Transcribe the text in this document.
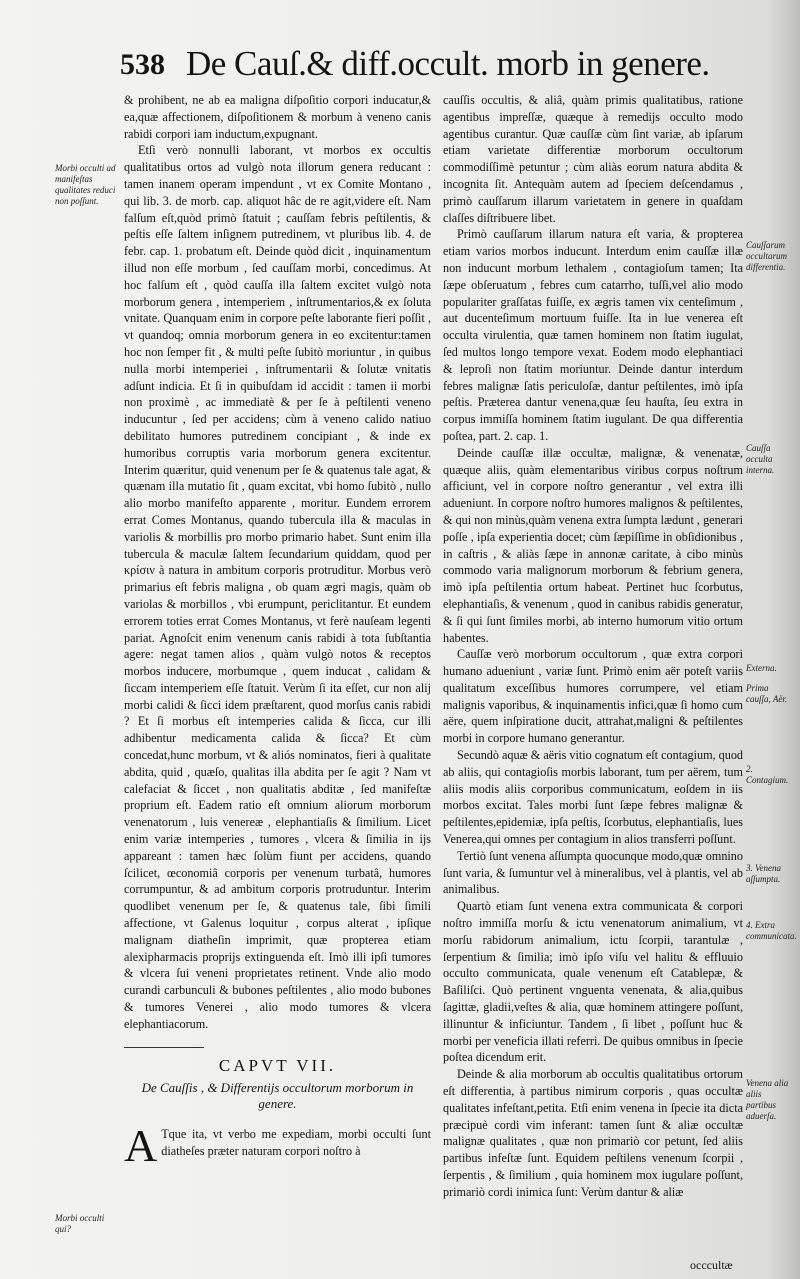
538 De Cauſ.& diff.occult. morb in genere.

& prohibent, ne ab ea maligna diſpoſitio corpori inducatur,& ea,quæ affectionem, diſpoſitionem & morbum à veneno canis rabidi corpori iam inductum,expugnant.

Etſi verò nonnulli laborant, vt morbos ex occultis qualitatibus ortos ad vulgò nota illorum genera reducant : tamen inanem operam impendunt , vt ex Comite Montano , qui lib. 3. de morb. cap. aliquot hâc de re agit,videre eſt. Nam falſum eſt,quòd primò ſtatuit ; cauſſam febris peſtilentis, & peſtis eſſe ſaltem inſignem putredinem, vt pluribus lib. 4. de febr. cap. 1. probatum eſt. Deinde quòd dicit , inquinamentum illud non eſſe morbum , ſed cauſſam morbi, concedimus. At hoc falſum eſt , quòd cauſſa illa ſaltem excitet vulgò nota morborum genera , intemperiem , inſtrumentarios,& ex ſoluta vnitate. Quanquam enim in corpore peſte laborante fieri poſſit , vt quandoq; omnia morborum genera in eo excitentur:tamen hoc non ſemper fit , & multi peſte ſubitò moriuntur , in quibus nulla morbi intemperiei , inſtrumentarii & ſolutæ vnitatis adſunt indicia. Et ſi in quibuſdam id accidit : tamen ii morbi non proximè , ac immediatè & per ſe à peſtilenti veneno inducuntur , ſed per accidens; cùm à veneno calido natiuo debilitato humores putredinem concipiant , & inde ex humoribus corruptis varia morborum genera excitentur. Interim quæritur, quid venenum per ſe & quatenus tale agat, & quænam illa mutatio ſit , quam excitat, vbi homo ſubitò , nullo alio morbo manifeſto apparente , moritur. Eundem errorem errat Comes Montanus, quando tubercula illa & maculas in variolis & morbillis pro morbo primario habet. Sunt enim illa tubercula & maculæ ſaltem ſecundarium quiddam, quod per κρίσιν à natura in ambitum corporis protruditur. Morbus verò primarius eſt febris maligna , ob quam ægri magis, quàm ob variolas & morbillos , vbi erumpunt, periclitantur. Et eundem errorem toties errat Comes Montanus, vt ferè nauſeam legenti pariat. Agnoſcit enim venenum canis rabidi à tota ſubſtantia agere: negat tamen alios , quàm vulgò notos & receptos morbos inducere, morbumque , quem inducat , calidam & ſiccam intemperiem eſſe ſtatuit. Verùm ſi ita eſſet, cur non alij morbi calidi & ſicci idem præſtarent, quod morſus canis rabidi ? Et ſi morbus eſt intemperies calida & ſicca, cur illi adhibentur medicamenta calida & ſicca? Et cùm concedat,hunc morbum, vt & aliós nominatos, fieri à qualitate abdita, quid , quæſo, qualitas illa abdita per ſe agit ? Nam vt calefaciat & ſiccet , non qualitatis abditæ , ſed manifeſtæ proprium eſt. Eadem ratio eſt omnium aliorum morborum venenatorum , luis venereæ , elephantiaſis & ſimilium. Licet enim variæ intemperies , tumores , vlcera & ſimilia in ijs appareant : tamen hæc ſolùm fiunt per accidens, quando ſcilicet, œconomiâ corporis per venenum turbatâ, humores corrumpuntur, & ad ambitum corporis protruduntur. Interim quodlibet venenum per ſe, & quatenus tale, ſibi ſimili affectione, vt Galenus loquitur , corpus alterat , ipſique malignam diatheſin imprimit, quæ propterea etiam alexipharmacis proprijs extinguenda eſt. Imò illi ipſi tumores & vlcera ſui veneni proprietates retinent. Vnde alio modo curandi carbunculi & bubones peſtilentes , alio modo bubones & tumores Venerei , alio modo tumores & vlcera elephantiacorum.

CAPVT VII.
De Cauſſis , & Differentijs occultorum morborum in genere.

A Tque ita, vt verbo me expediam, morbi occulti ſunt diatheſes præter naturam corpori noſtro à

cauſſis occultis, & aliâ, quàm primis qualitatibus, ratione agentibus impreſſæ, quæque à remedijs occulto modo agentibus curantur. Quæ cauſſæ cùm ſint variæ, ab ipſarum etiam varietate differentiæ morborum occultorum commodiſſimè petuntur ; cùm aliàs eorum natura abdita & incognita ſit. Antequàm autem ad ſpeciem deſcendamus , primò cauſſarum illarum varietatem in genere in quaſdam claſſes diſtribuere libet.

Primò cauſſarum illarum natura eſt varia, & propterea etiam varios morbos inducunt. Interdum enim cauſſæ illæ non inducunt morbum lethalem , contagioſum tamen; Ita ſæpe obſeruatum , febres cum catarrho, tuſſi,vel alio modo populariter graſſatas fuiſſe, ex ægris tamen vix centeſimum , aut ducenteſimum mortuum fuiſſe. Ita in lue venerea eſt occulta virulentia, quæ tamen hominem non ſtatim iugulat, ſed multos longo tempore vexat. Eodem modo elephantiaci & leproſi non ſtatim moriuntur. Deinde dantur interdum febres malignæ ſatis periculoſæ, dantur peſtilentes, imò ipſa peſtis. Præterea dantur venena,quæ ſeu hauſta, ſeu extra in corpus immiſſa hominem ſtatim iugulant. De qua differentia poſtea, part. 2. cap. 1.

Deinde cauſſæ illæ occultæ, malignæ, & venenatæ, quæque aliis, quàm elementaribus viribus corpus noſtrum afficiunt, vel in corpore noſtro generantur , vel extra illi adueniunt. In corpore noſtro humores malignos & peſtilentes, & qui non minùs,quàm venena extra ſumpta lædunt , generari poſſe , ipſa experientia docet; cùm ſæpiſſime in obſidionibus , in caſtris , & aliàs ſæpe in annonæ caritate, à cibo minùs commodo varia malignorum morborum & febrium genera, imò ipſa peſtilentia ortum habeat. Pertinet huc ſcorbutus, elephantiaſis, & venenum , quod in canibus rabidis generatur, & ſi qui ſunt ſimiles morbi, ab interno humorum vitio ortum habentes.

Cauſſæ verò morborum occultorum , quæ extra corpori humano adueniunt , variæ ſunt. Primò enim aër poteſt variis qualitatum exceſſibus humores corrumpere, vel etiam malignis vaporibus, & inquinamentis infici,quæ ſi homo cum aëre, quem inſpiratione ducit, attrahat,maligni & peſtilentes morbi in corpore humano generantur.

Secundò aquæ & aëris vitio cognatum eſt contagium, quod ab aliis, qui contagioſis morbis laborant, tum per aërem, tum aliis modis aliis corporibus communicatum, eoſdem in iis morbos excitat. Tales morbi ſunt ſæpe febres malignæ & peſtilentes,epidemiæ, ipſa peſtis, ſcorbutus, elephantiaſis, lues Venerea,qui omnes per contagium in alios transferri poſſunt.

Tertiò ſunt venena aſſumpta quocunque modo,quæ omnino ſunt varia, & ſumuntur vel à mineralibus, vel à plantis, vel ab animalibus.

Quartò etiam ſunt venena extra communicata & corpori noſtro immiſſa morſu & ictu venenatorum animalium, vt morſu rabidorum animalium, ictu ſcorpii, tarantulæ , ſerpentium & ſimilia; imò ipſo viſu vel halitu & effluuio occulto communicata, quale venenum eſt Catablepæ, & Baſiliſci. Quò pertinent vnguenta venenata, & alia,quibus ſagittæ, gladii,veſtes & alia, quæ hominem attingere poſſunt, illinuntur & inficiuntur. Tandem , ſi libet , poſſunt huc & morbi per veneficia illati referri. De quibus omnibus in ſpecie poſtea dicendum erit.

Deinde & alia morborum ab occultis qualitatibus ortorum eſt differentia, à partibus nimirum corporis , quas occultæ qualitates infeſtant,petita. Etſi enim venena in ſpecie ita dicta præcipuè cordi vim inferant: tamen ſunt & aliæ occultæ malignæ qualitates , quæ non primariò cor petunt, ſed aliis partibus infeſtæ ſunt. Equidem peſtilens venenum ſcorpii , ſerpentis , & ſimilium , quia hominem mox iugulare poſſunt, primariò cordi inimica ſunt: Verùm dantur & aliæ

Morbi occulti ad manifeſtas qualitates reduci non poſſunt.
Morbi occulti qui?
Cauſſarum occultarum differentia.
Cauſſa occulta interna.
Externa.
Prima cauſſa, Aër.
2. Contagium.
3. Venena aſſumpta.
4. Extra communicata.
Venena alia aliis partibus aduerſa.
occcultæ
